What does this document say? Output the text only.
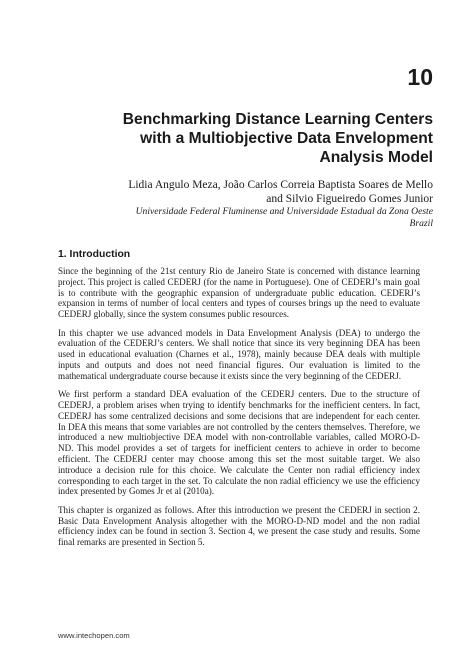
10
Benchmarking Distance Learning Centers
with a Multiobjective Data Envelopment
Analysis Model
Lidia Angulo Meza, João Carlos Correia Baptista Soares de Mello
and Silvio Figueiredo Gomes Junior
Universidade Federal Fluminense and Universidade Estadual da Zona Oeste
Brazil
1. Introduction

Since the beginning of the 21st century Rio de Janeiro State is concerned with distance learning project. This project is called CEDERJ (for the name in Portuguese). One of CEDERJ’s main goal is to contribute with the geographic expansion of undergraduate public education. CEDERJ’s expansion in terms of number of local centers and types of courses brings up the need to evaluate CEDERJ globally, since the system consumes public resources.

In this chapter we use advanced models in Data Envelopment Analysis (DEA) to undergo the evaluation of the CEDERJ’s centers. We shall notice that since its very beginning DEA has been used in educational evaluation (Charnes et al., 1978), mainly because DEA deals with multiple inputs and outputs and does not need financial figures. Our evaluation is limited to the mathematical undergraduate course because it exists since the very beginning of the CEDERJ.

We first perform a standard DEA evaluation of the CEDERJ centers. Due to the structure of CEDERJ, a problem arises when trying to identify benchmarks for the inefficient centers. In fact, CEDERJ has some centralized decisions and some decisions that are independent for each center. In DEA this means that some variables are not controlled by the centers themselves. Therefore, we introduced a new multiobjective DEA model with non-controllable variables, called MORO-D-ND. This model provides a set of targets for inefficient centers to achieve in order to become efficient. The CEDERJ center may choose among this set the most suitable target. We also introduce a decision rule for this choice. We calculate the Center non radial efficiency index corresponding to each target in the set. To calculate the non radial efficiency we use the efficiency index presented by Gomes Jr et al (2010a).

This chapter is organized as follows. After this introduction we present the CEDERJ in section 2. Basic Data Envelopment Analysis altogether with the MORO-D-ND model and the non radial efficiency index can be found in section 3. Section 4, we present the case study and results. Some final remarks are presented in Section 5.

www.intechopen.com
